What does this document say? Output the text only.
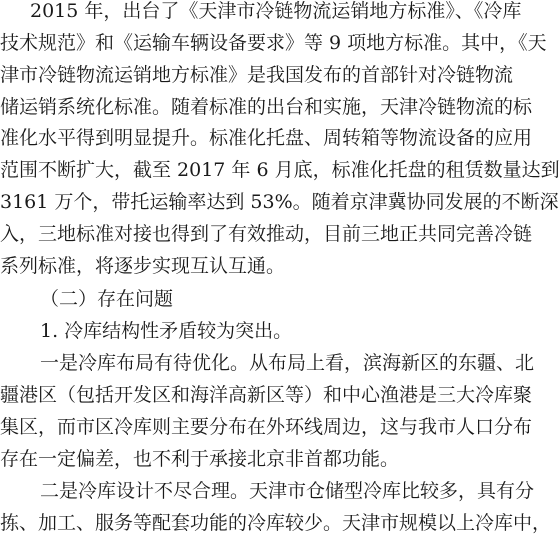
2015 年，出台了《天津市冷链物流运销地方标准》、《冷库
技术规范》和《运输车辆设备要求》等 9 项地方标准。其中，《天
津市冷链物流运销地方标准》是我国发布的首部针对冷链物流
储运销系统化标准。随着标准的出台和实施，天津冷链物流的标
准化水平得到明显提升。标准化托盘、周转箱等物流设备的应用
范围不断扩大，截至 2017 年 6 月底，标准化托盘的租赁数量达到
3161 万个，带托运输率达到 53%。随着京津冀协同发展的不断深
入，三地标准对接也得到了有效推动，目前三地正共同完善冷链
系列标准，将逐步实现互认互通。
（二）存在问题
1. 冷库结构性矛盾较为突出。
一是冷库布局有待优化。从布局上看，滨海新区的东疆、北
疆港区（包括开发区和海洋高新区等）和中心渔港是三大冷库聚
集区，而市区冷库则主要分布在外环线周边，这与我市人口分布
存在一定偏差，也不利于承接北京非首都功能。
二是冷库设计不尽合理。天津市仓储型冷库比较多，具有分
拣、加工、服务等配套功能的冷库较少。天津市规模以上冷库中，
